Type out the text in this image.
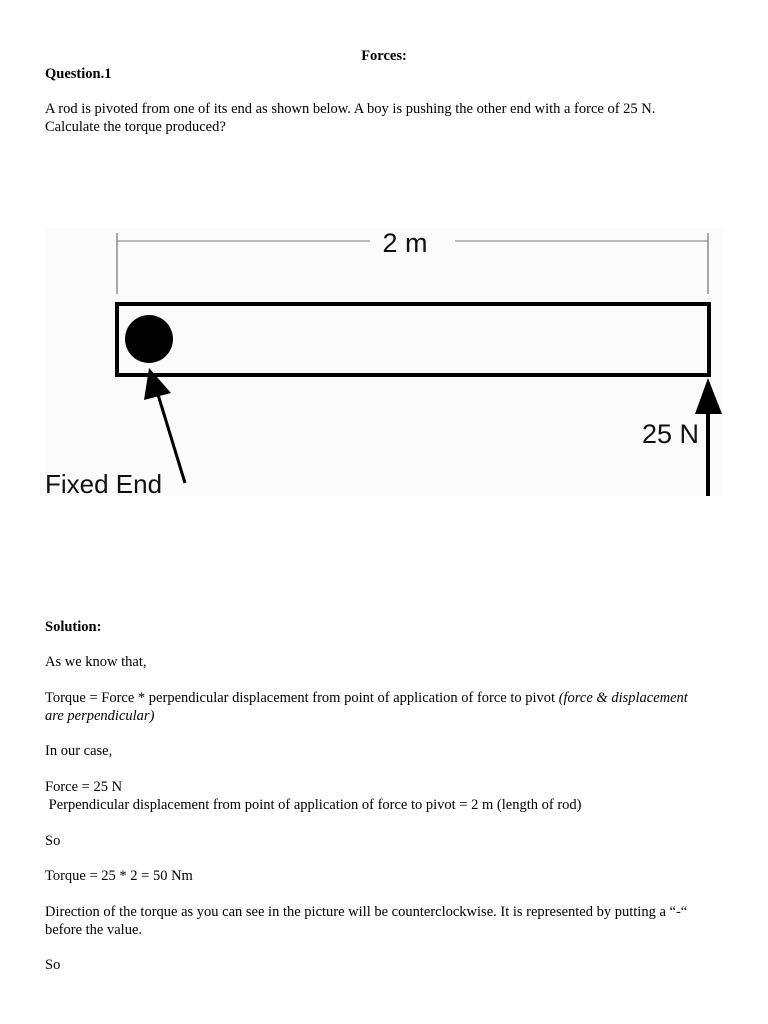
Forces:

Question.1

A rod is pivoted from one of its end as shown below. A boy is pushing the other end with a force of 25 N.

Calculate the torque produced?

2 m
Fixed End
25 N

Solution:

As we know that,

Torque = Force * perpendicular displacement from point of application of force to pivot (force & displacement

are perpendicular)

In our case,

Force = 25 N

Perpendicular displacement from point of application of force to pivot = 2 m (length of rod)

So

Torque = 25 * 2 = 50 Nm

Direction of the torque as you can see in the picture will be counterclockwise. It is represented by putting a “-“

before the value.

So
